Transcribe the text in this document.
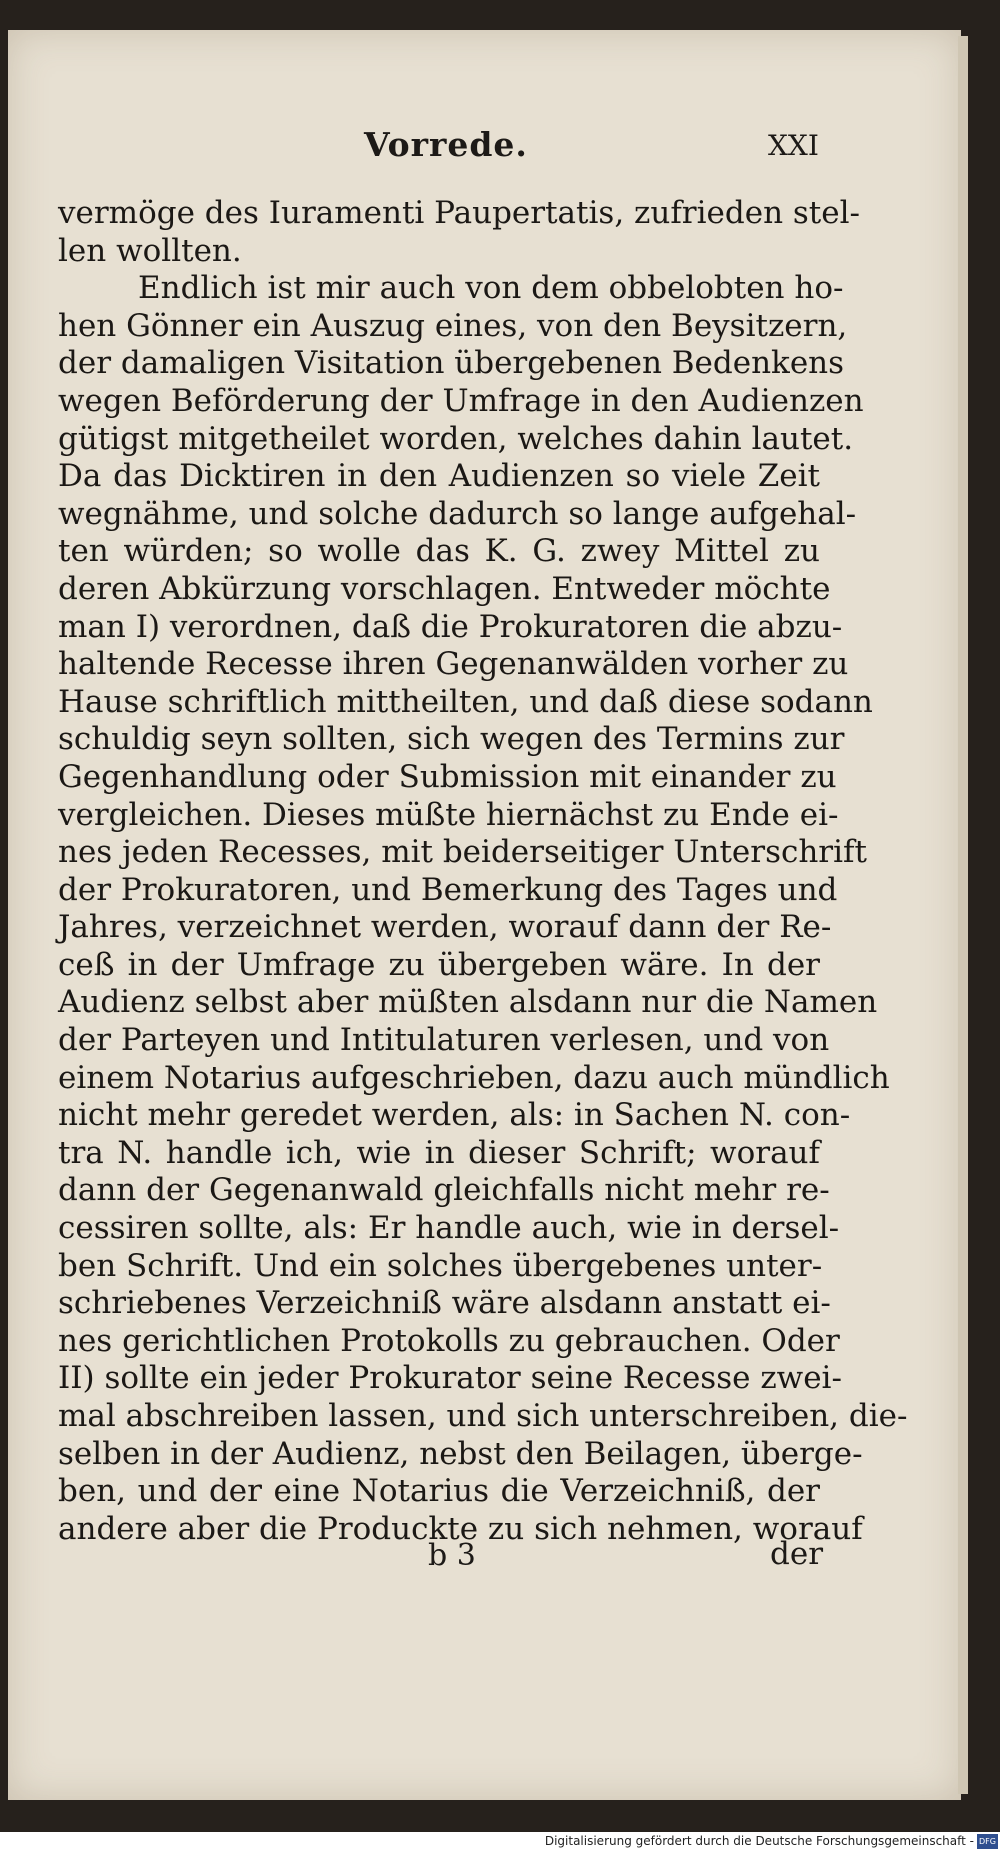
Vorrede.	XXI
vermöge des Iuramenti Paupertatis, zufrieden stel-
len wollten.
Endlich ist mir auch von dem obbelobten ho-
hen Gönner ein Auszug eines, von den Beysitzern,
der damaligen Visitation übergebenen Bedenkens
wegen Beförderung der Umfrage in den Audienzen
gütigst mitgetheilet worden, welches dahin lautet.
Da das Dicktiren in den Audienzen so viele Zeit
wegnähme, und solche dadurch so lange aufgehal-
ten würden; so wolle das K. G. zwey Mittel zu
deren Abkürzung vorschlagen. Entweder möchte
man I) verordnen, daß die Prokuratoren die abzu-
haltende Recesse ihren Gegenanwälden vorher zu
Hause schriftlich mittheilten, und daß diese sodann
schuldig seyn sollten, sich wegen des Termins zur
Gegenhandlung oder Submission mit einander zu
vergleichen. Dieses müßte hiernächst zu Ende ei-
nes jeden Recesses, mit beiderseitiger Unterschrift
der Prokuratoren, und Bemerkung des Tages und
Jahres, verzeichnet werden, worauf dann der Re-
ceß in der Umfrage zu übergeben wäre. In der
Audienz selbst aber müßten alsdann nur die Namen
der Parteyen und Intitulaturen verlesen, und von
einem Notarius aufgeschrieben, dazu auch mündlich
nicht mehr geredet werden, als: in Sachen N. con-
tra N. handle ich, wie in dieser Schrift; worauf
dann der Gegenanwald gleichfalls nicht mehr re-
cessiren sollte, als: Er handle auch, wie in dersel-
ben Schrift. Und ein solches übergebenes unter-
schriebenes Verzeichniß wäre alsdann anstatt ei-
nes gerichtlichen Protokolls zu gebrauchen. Oder
II) sollte ein jeder Prokurator seine Recesse zwei-
mal abschreiben lassen, und sich unterschreiben, die-
selben in der Audienz, nebst den Beilagen, überge-
ben, und der eine Notarius die Verzeichniß, der
andere aber die Produckte zu sich nehmen, worauf
b 3	der
Digitalisierung gefördert durch die Deutsche Forschungsgemeinschaft - DFG
